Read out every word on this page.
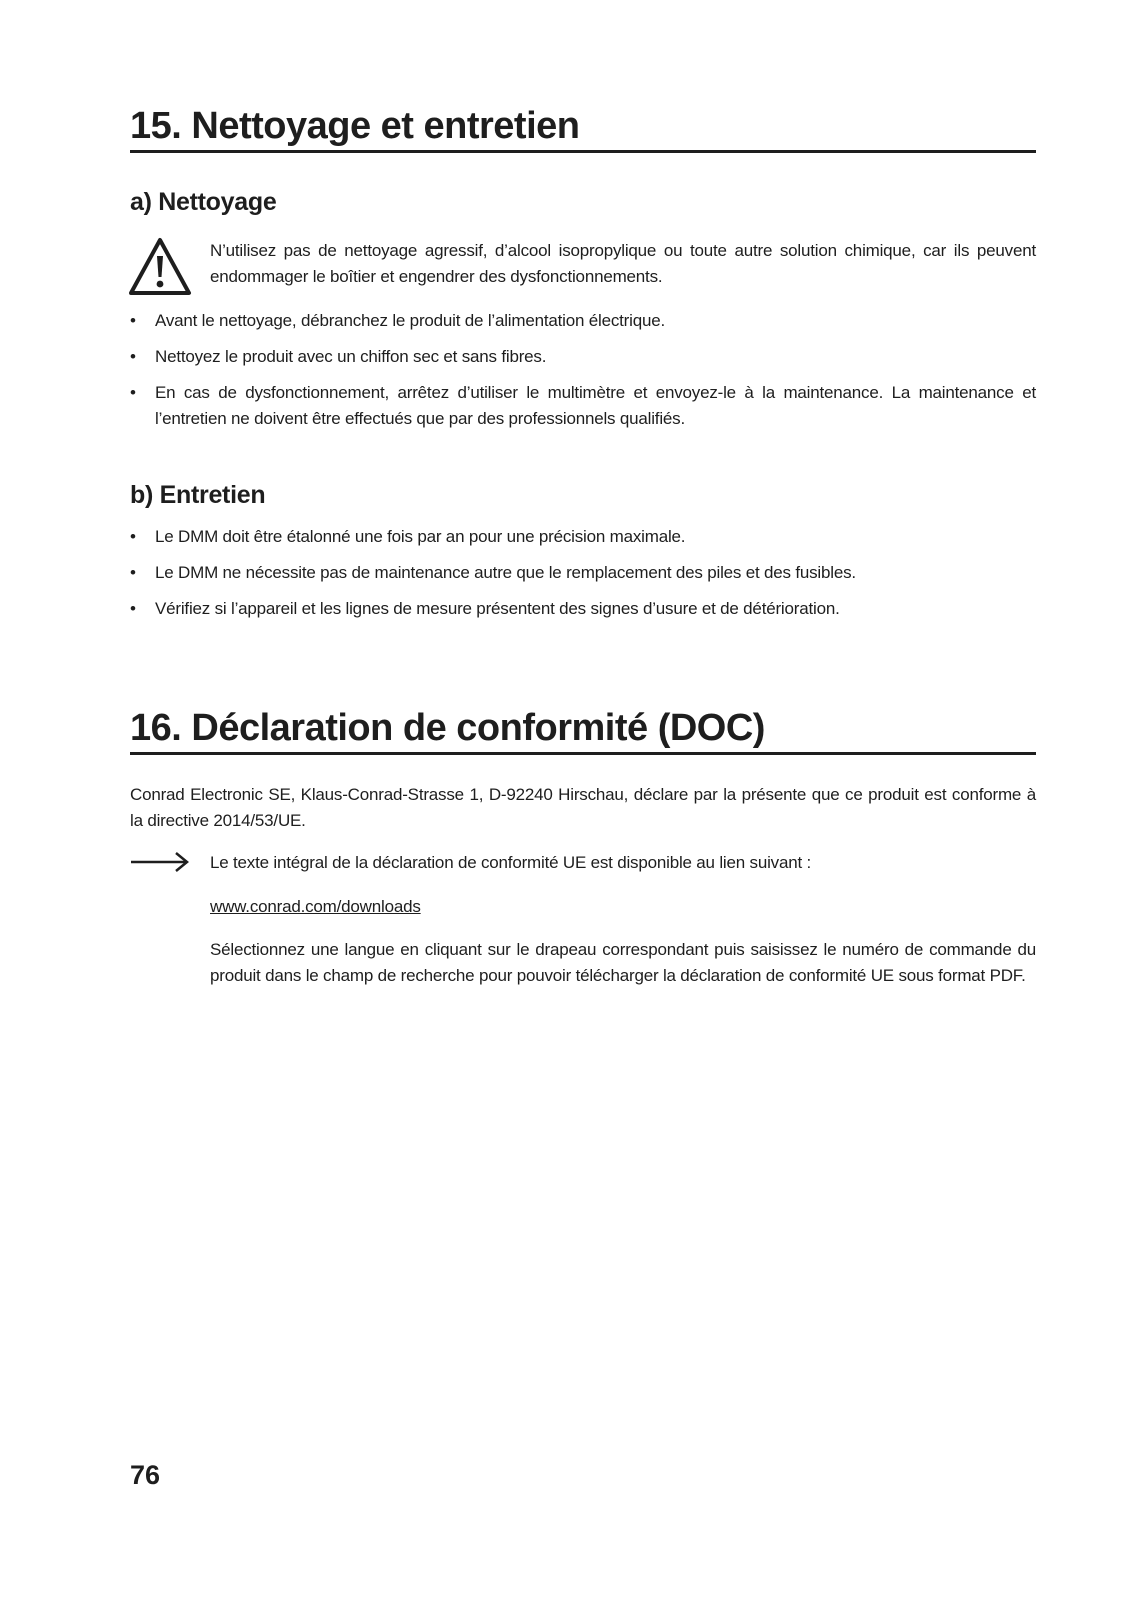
15. Nettoyage et entretien
a) Nettoyage
N’utilisez pas de nettoyage agressif, d’alcool isopropylique ou toute autre solution chimique, car ils peuvent endommager le boîtier et engendrer des dysfonctionnements.
• Avant le nettoyage, débranchez le produit de l’alimentation électrique.
• Nettoyez le produit avec un chiffon sec et sans fibres.
• En cas de dysfonctionnement, arrêtez d’utiliser le multimètre et envoyez-le à la maintenance. La maintenance et l’entretien ne doivent être effectués que par des professionnels qualifiés.
b) Entretien
• Le DMM doit être étalonné une fois par an pour une précision maximale.
• Le DMM ne nécessite pas de maintenance autre que le remplacement des piles et des fusibles.
• Vérifiez si l’appareil et les lignes de mesure présentent des signes d’usure et de détérioration.
16. Déclaration de conformité (DOC)
Conrad Electronic SE, Klaus-Conrad-Strasse 1, D-92240 Hirschau, déclare par la présente que ce produit est conforme à la directive 2014/53/UE.
Le texte intégral de la déclaration de conformité UE est disponible au lien suivant :
www.conrad.com/downloads
Sélectionnez une langue en cliquant sur le drapeau correspondant puis saisissez le numéro de commande du produit dans le champ de recherche pour pouvoir télécharger la déclaration de conformité UE sous format PDF.
76
